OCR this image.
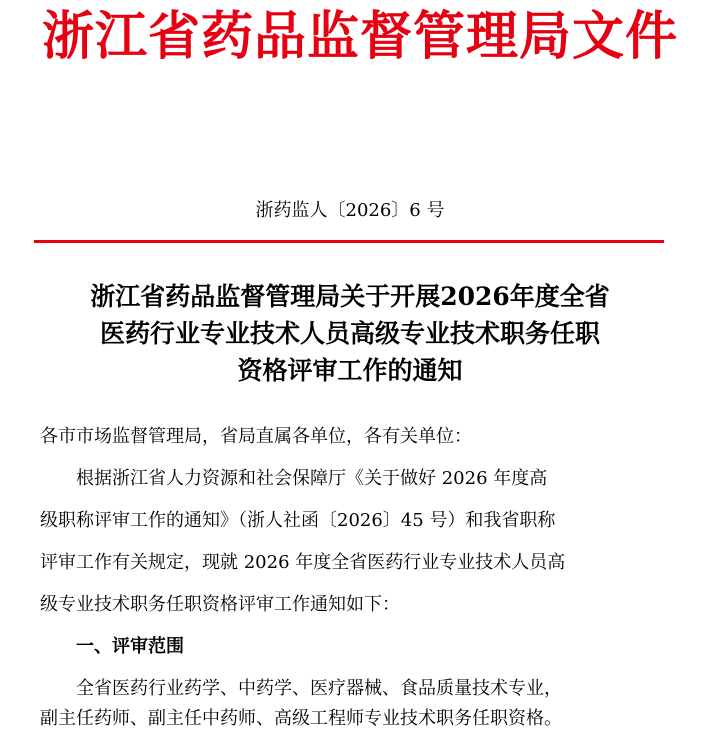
浙江省药品监督管理局文件
浙药监人〔2026〕6 号
浙江省药品监督管理局关于开展2026年度全省
医药行业专业技术人员高级专业技术职务任职
资格评审工作的通知
各市市场监督管理局，省局直属各单位，各有关单位：
根据浙江省人力资源和社会保障厅《关于做好 2026 年度高
级职称评审工作的通知》（浙人社函〔2026〕45 号）和我省职称
评审工作有关规定，现就 2026 年度全省医药行业专业技术人员高
级专业技术职务任职资格评审工作通知如下：
一、评审范围
全省医药行业药学、中药学、医疗器械、食品质量技术专业，
副主任药师、副主任中药师、高级工程师专业技术职务任职资格。
